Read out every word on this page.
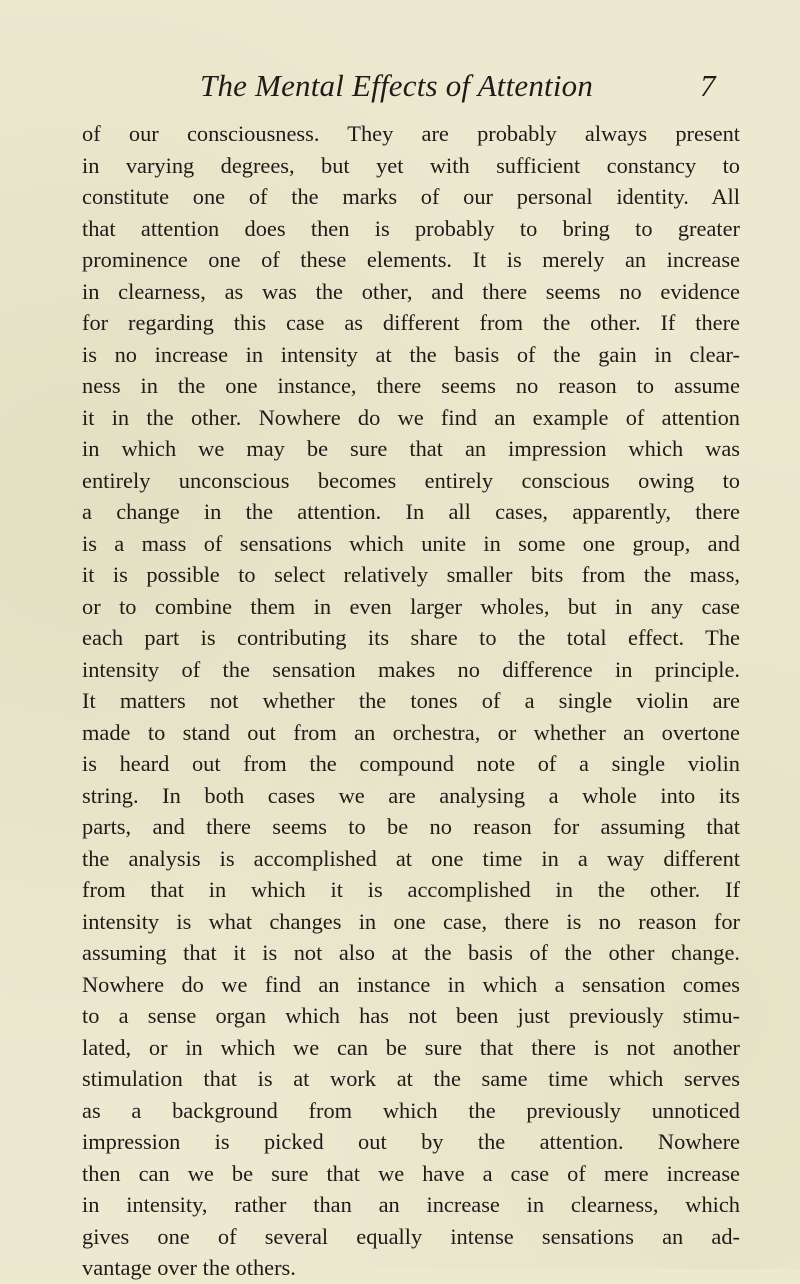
The Mental Effects of Attention	7
of our consciousness. They are probably always present
in varying degrees, but yet with sufficient constancy to
constitute one of the marks of our personal identity. All
that attention does then is probably to bring to greater
prominence one of these elements. It is merely an increase
in clearness, as was the other, and there seems no evidence
for regarding this case as different from the other. If there
is no increase in intensity at the basis of the gain in clear-
ness in the one instance, there seems no reason to assume
it in the other. Nowhere do we find an example of attention
in which we may be sure that an impression which was
entirely unconscious becomes entirely conscious owing to
a change in the attention. In all cases, apparently, there
is a mass of sensations which unite in some one group, and
it is possible to select relatively smaller bits from the mass,
or to combine them in even larger wholes, but in any case
each part is contributing its share to the total effect. The
intensity of the sensation makes no difference in principle.
It matters not whether the tones of a single violin are
made to stand out from an orchestra, or whether an overtone
is heard out from the compound note of a single violin
string. In both cases we are analysing a whole into its
parts, and there seems to be no reason for assuming that
the analysis is accomplished at one time in a way different
from that in which it is accomplished in the other. If
intensity is what changes in one case, there is no reason for
assuming that it is not also at the basis of the other change.
Nowhere do we find an instance in which a sensation comes
to a sense organ which has not been just previously stimu-
lated, or in which we can be sure that there is not another
stimulation that is at work at the same time which serves
as a background from which the previously unnoticed
impression is picked out by the attention. Nowhere
then can we be sure that we have a case of mere increase
in intensity, rather than an increase in clearness, which
gives one of several equally intense sensations an ad-
vantage over the others.
